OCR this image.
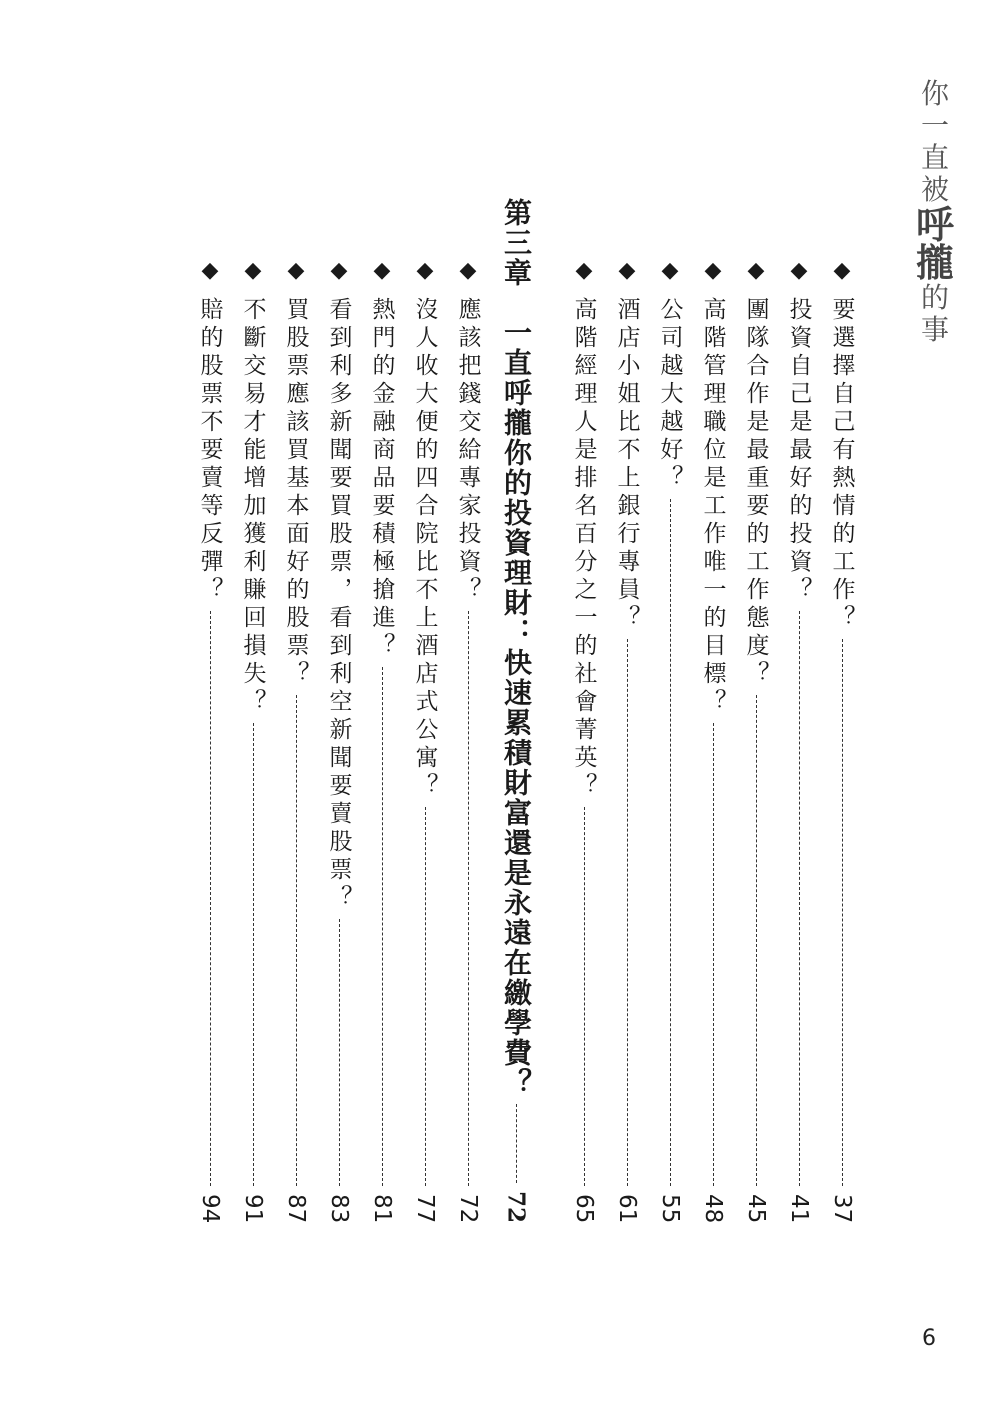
你
一
直
被
呼
攏
的
事
◆
要選擇自己有熱情的工作？
37
◆
投資自己是最好的投資？
41
◆
團隊合作是最重要的工作態度？
45
◆
高階管理職位是工作唯一的目標？
48
◆
公司越大越好？
55
◆
酒店小姐比不上銀行專員？
61
◆
高階經理人是排名百分之一的社會菁英？
65
第三章
一直呼攏你的投資理財：快速累積財富還是永遠在繳學費？
72
◆
應該把錢交給專家投資？
72
◆
沒人收大便的四合院比不上酒店式公寓？
77
◆
熱門的金融商品要積極搶進？
81
◆
看到利多新聞要買股票，看到利空新聞要賣股票？
83
◆
買股票應該買基本面好的股票？
87
◆
不斷交易才能增加獲利賺回損失？
91
◆
賠的股票不要賣等反彈？
94
6
